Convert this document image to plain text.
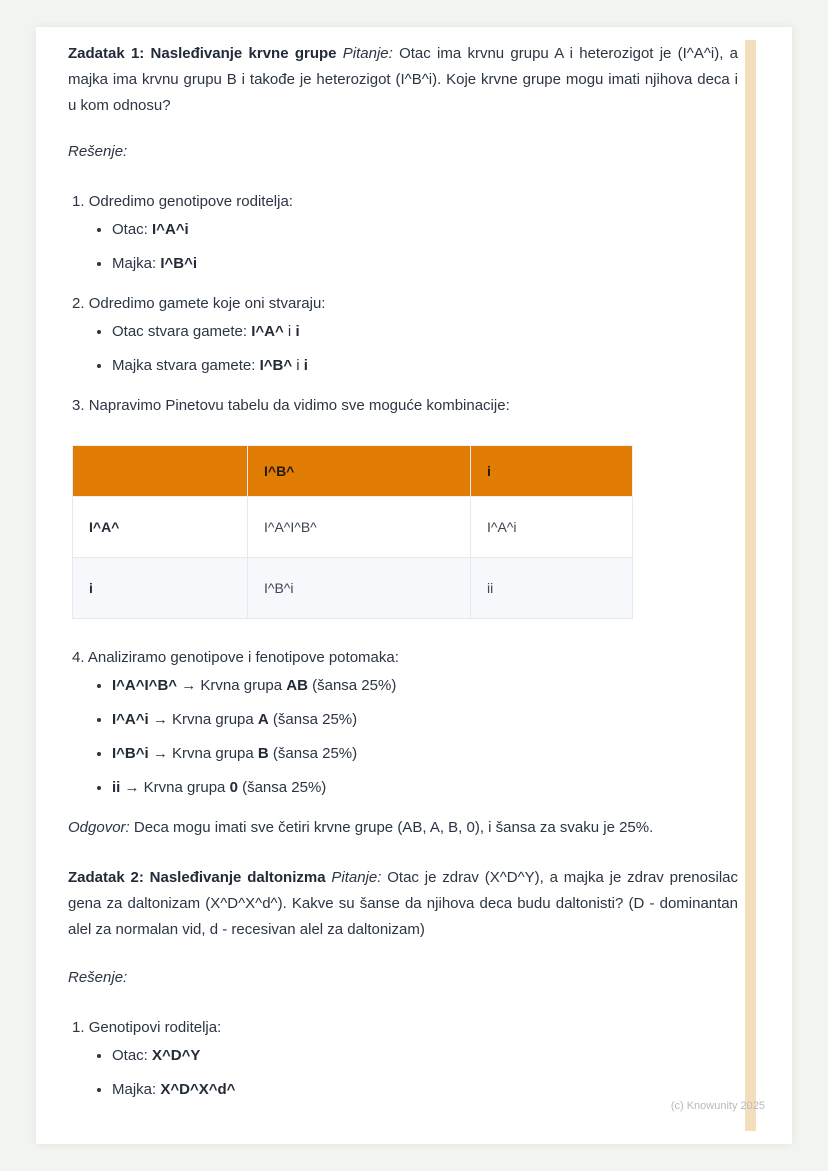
Zadatak 1: Nasleđivanje krvne grupe Pitanje: Otac ima krvnu grupu A i heterozigot je (I^A^i), a majka ima krvnu grupu B i takođe je heterozigot (I^B^i). Koje krvne grupe mogu imati njihova deca i u kom odnosu?

Rešenje:

1. Odredimo genotipove roditelja:

• Otac: I^A^i
• Majka: I^B^i

2. Odredimo gamete koje oni stvaraju:

• Otac stvara gamete: I^A^ i i
• Majka stvara gamete: I^B^ i i

3. Napravimo Pinetovu tabelu da vidimo sve moguće kombinacije:

	I^B^	i
I^A^	I^A^I^B^	I^A^i
i	I^B^i	ii

4. Analiziramo genotipove i fenotipove potomaka:

• I^A^I^B^ → Krvna grupa AB (šansa 25%)
• I^A^i → Krvna grupa A (šansa 25%)
• I^B^i → Krvna grupa B (šansa 25%)
• ii → Krvna grupa 0 (šansa 25%)

Odgovor: Deca mogu imati sve četiri krvne grupe (AB, A, B, 0), i šansa za svaku je 25%.

Zadatak 2: Nasleđivanje daltonizma Pitanje: Otac je zdrav (X^D^Y), a majka je zdrav prenosilac gena za daltonizam (X^D^X^d^). Kakve su šanse da njihova deca budu daltonisti? (D - dominantan alel za normalan vid, d - recesivan alel za daltonizam)

Rešenje:

1. Genotipovi roditelja:

• Otac: X^D^Y
• Majka: X^D^X^d^
(c) Knowunity 2025
